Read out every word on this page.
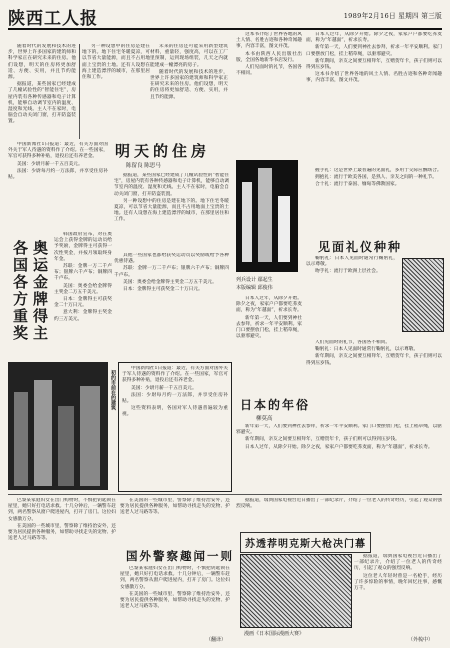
陕西工人报	1989年2月16日 星期四 第三版

随着时代的发展和技术的进步，世界上许多国家的建筑师和科学家正在研究未来的住房。他们设想，明天的住房将更加舒适、方便、实用，并且节约能源。

据报道，某些国家已经建成了几幢试验性的“智能住宅”，房屋内装有各种传感器和电子计算机，能够自动调节室内的温度、湿度和光线。主人不在家时，电脑会自动关闭门窗，打开防盗装置。

另一种设想中的住房是建在地下的。地下住宅冬暖夏凉，可以节省大量能源，而且不占用地面上宝贵的土地。还有人设想在海上建造漂浮的城市，在那里居住和工作。

未来的住房还可能采用新型建筑材料，重量轻，强度高，可以在工厂里预制，运到现场组装，几天之内就能建成一幢漂亮的房子。

随着时代的发展和技术的进步，世界上许多国家的建筑师和科学家正在研究未来的住房。他们设想，明天的住房将更加舒适、方便、实用，并且节约能源。

明天的住房
陈留良 陈思马

据报道，某些国家已经建成了几幢试验性的“智能住宅”，房屋内装有各种传感器和电子计算机，能够自动调节室内的温度、湿度和光线。主人不在家时，电脑会自动关闭门窗，打开防盗装置。

另一种设想中的住房是建在地下的。地下住宅冬暖夏凉，可以节省大量能源，而且不占用地面上宝贵的土地。还有人设想在海上建造漂浮的城市，在那里居住和工作。

中国新闻社1日报道：最近，有关方面对国外关于军人待遇的资料作了介绍。在一些国家，军官可获得多种补贴，退役后还有养老金。

美国：少尉月薪一千五百美元。

法国：少尉每月约一万法郎，并享受住房补贴。

各国各方重奖 奥运金牌得主

韩国政府宣布，对在奥运会上获得金牌的运动员给予奖励，金牌得主可获得一次性奖金，并按月领取终身年金。

苏联：金牌一万二千卢布；银牌六千卢布；铜牌四千卢布。

美国：奥委会给金牌得主奖金二万五千美元。

日本：金牌得主可获奖金二十万日元。

意大利：金牌得主奖金约三万美元。

其他一些国家也都给获奖运动员以奖励或给予各种优惠待遇。

苏联：金牌一万二千卢布；银牌六千卢布；铜牌四千卢布。

美国：奥委会给金牌得主奖金二万五千美元。

日本：金牌得主可获奖金二十万日元。

初约市前在的建筑

中国新闻社1日报道：最近，有关方面对国外关于军人待遇的资料作了介绍。在一些国家，军官可获得多种补贴，退役后还有养老金。

美国：少尉月薪一千五百美元。

法国：少尉每月约一万法郎，并享受住房补贴。

这些资料表明，各国对军人待遇普遍较为重视。

列兵设计 鄢起生
本版编辑 邱俊伟

这本书介绍了世界各地的风土人情、名胜古迹和各种奇闻趣事，内容丰富，图文并茂。

本书由陕西人民出版社出版，全国各地新华书店发行。

人们见面时的礼节，各国各不相同。

日本人过年，从除夕开始。除夕之夜，家家户户都要吃荞麦面，称为“年越面”，祈求长寿。

新年第一天，人们要到神社去参拜，祈求一年平安顺利。家门口要摆放门松，挂上稻草绳，以驱邪避灾。

新年期间，亲友之间要互相拜年，互赠贺年卡，孩子们则可以得到压岁钱。

这本书介绍了世界各地的风土人情、名胜古迹和各种奇闻趣事，内容丰富，图文并茂。

见面礼仪种种

握手礼：这是世界上最普遍的见面礼，多用于交际应酬场合。

拥抱礼：流行于欧美各国，是熟人、亲友之间的一种礼节。

合十礼：流行于泰国、缅甸等佛教国家。

鞠躬礼：日本人见面时通常行鞠躬礼，以示尊敬。

吻手礼：流行于欧洲上层社会。

日本的年俗
柳莫高

日本人过年，从除夕开始。除夕之夜，家家户户都要吃荞麦面，称为“年越面”，祈求长寿。

新年第一天，人们要到神社去参拜，祈求一年平安顺利。家门口要摆放门松，挂上稻草绳，以驱邪避灾。

新年第一天，人们要到神社去参拜，祈求一年平安顺利。家门口要摆放门松，挂上稻草绳，以驱邪避灾。

新年期间，亲友之间要互相拜年，互赠贺年卡，孩子们则可以得到压岁钱。

日本人过年，从除夕开始。除夕之夜，家家户户都要吃荞麦面，称为“年越面”，祈求长寿。

人们见面时的礼节，各国各不相同。

鞠躬礼：日本人见面时通常行鞠躬礼，以示尊敬。

新年期间，亲友之间要互相拜年，互赠贺年卡，孩子们则可以得到压岁钱。

国外警察趣闻一则

巴黎某家庭妇女在出门购物时，不慎把钥匙锁在屋里，她只好打电话求救。十几分钟后，一辆警车赶到，两名警察从窗户爬进屋内，打开了房门。这位妇女感激万分。

在美国的一些城市里，警察除了维持治安外，还要为居民提供各种服务，如帮助寻找走失的宠物、护送老人过马路等等。

在美国的一些城市里，警察除了维持治安外，还要为居民提供各种服务，如帮助寻找走失的宠物、护送老人过马路等等。

巴黎某家庭妇女在出门购物时，不慎把钥匙锁在屋里，她只好打电话求救。十几分钟后，一辆警车赶到，两名警察从窗户爬进屋内，打开了房门。这位妇女感激万分。

在美国的一些城市里，警察除了维持治安外，还要为居民提供各种服务，如帮助寻找走失的宠物、护送老人过马路等等。

（翻译）
苏透荐明克斯大枪决门幕

据报道，瑞典国家电视台近日播出了一部纪录片，介绍了一位老人的传奇经历，引起了观众的强烈反响。

漫画《日本国际漫画大赛》

据报道，瑞典国家电视台近日播出了一部纪录片，介绍了一位老人的传奇经历，引起了观众的强烈反响。

这位老人年轻时曾是一名枪手，经历了许多惊险的事情，晚年回忆往事，感慨万千。

（外梳中）
